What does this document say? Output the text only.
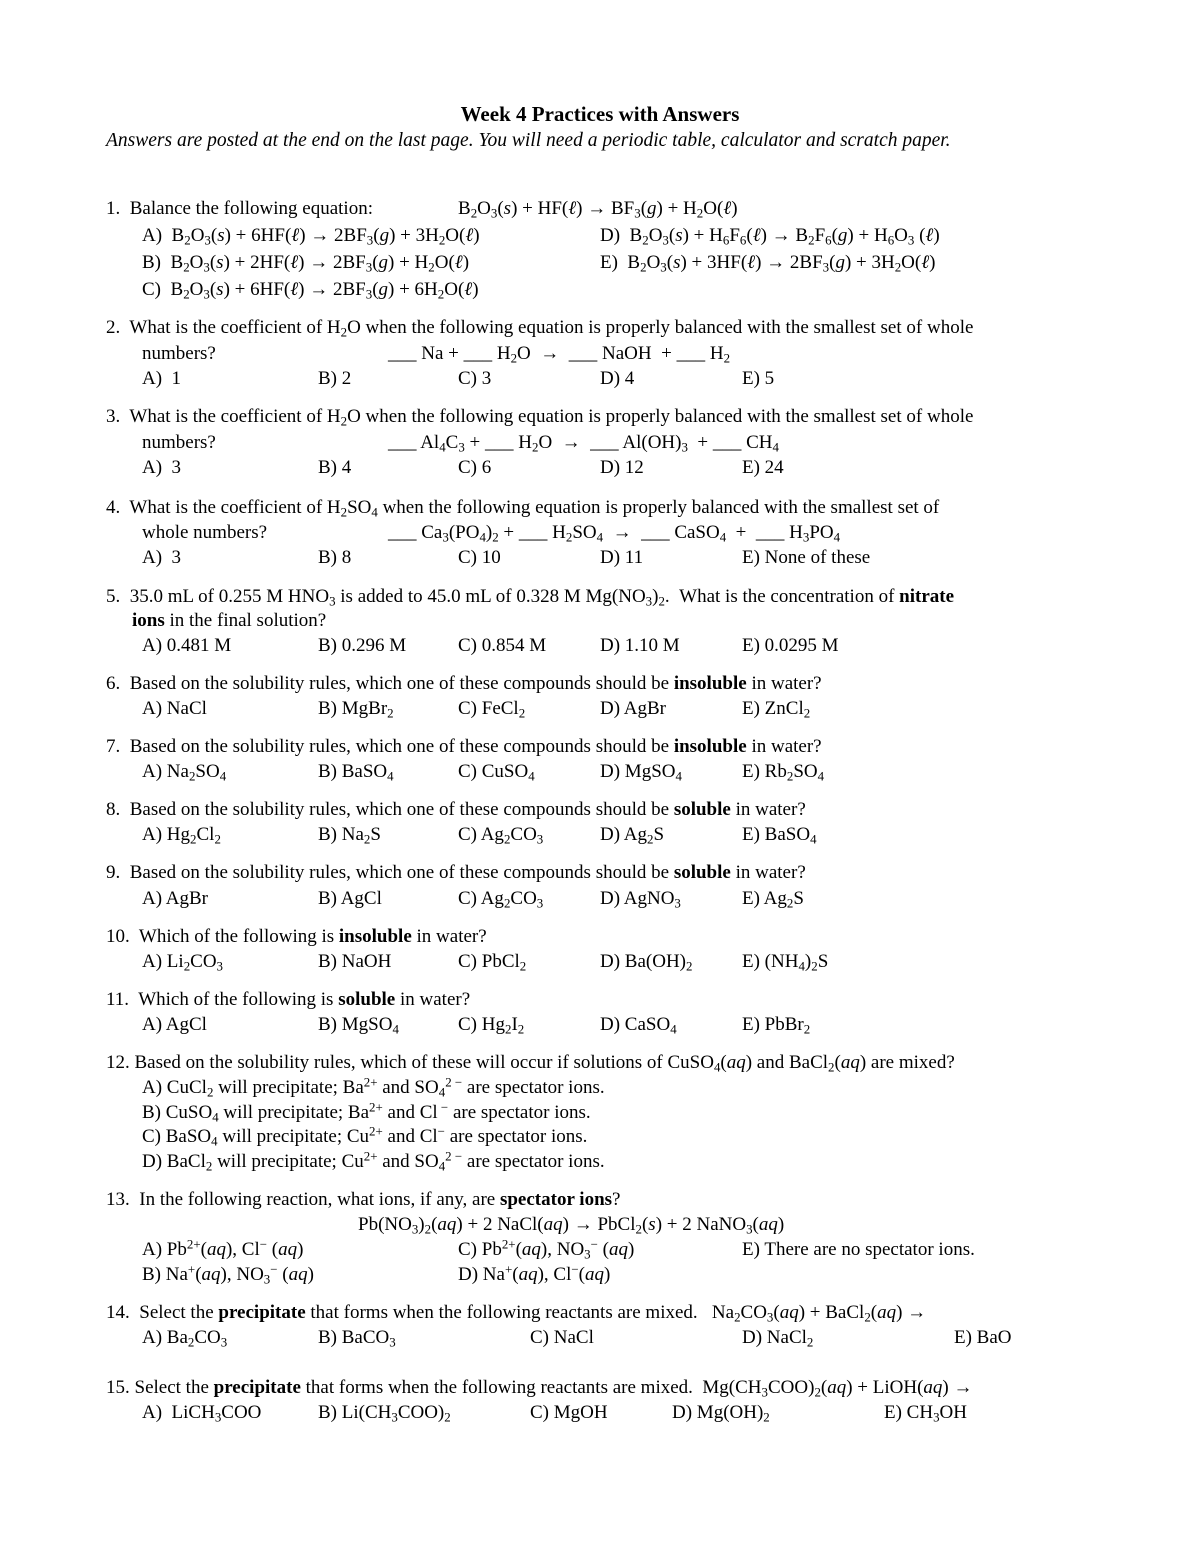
Week 4 Practices with Answers
Answers are posted at the end on the last page. You will need a periodic table, calculator and scratch paper.
1.  Balance the following equation:	$B_2O_3(s)$ + HF(ℓ) → $BF_3(g)$ + $H_2O(\ell)$
A)  $B_2O_3(s)$ + 6HF(ℓ) → $2BF_3(g)$ + $3H_2O(\ell)$	D)  $B_2O_3(s)$ + $H_6F_6(\ell) \to B_2F_6(g) + H_6O_3$ (ℓ)
B)  $B_2O_3(s)$ + 2HF(ℓ) → $2BF_3(g)$ + $H_2O(\ell)$	E)  $B_2O_3(s)$ + 3HF(ℓ) → $2BF_3(g)$ + $3H_2O(\ell)$
C)  $B_2O_3(s)$ + 6HF(ℓ) → $2BF_3(g)$ + $6H_2O(\ell)$
2.  What is the coefficient of $H_2O$ when the following equation is properly balanced with the smallest set of whole
numbers?	___ Na + ___ $H_2O$  →  ___ NaOH  + ___ $H_2$
A)  1	B) 2	C) 3	D) 4	E) 5
3.  What is the coefficient of $H_2O$ when the following equation is properly balanced with the smallest set of whole
numbers?	___ $Al_4C_3$ + ___ $H_2O$  →  ___ $Al(OH)_3$  + ___ $CH_4$
A)  3	B) 4	C) 6	D) 12	E) 24
4.  What is the coefficient of $H_2SO_4$ when the following equation is properly balanced with the smallest set of
whole numbers?	___ $Ca_3(PO_4)_2$ + ___ $H_2SO_4$  →  ___ CaSO$_4$  +  ___ $H_3PO_4$
A)  3	B) 8	C) 10	D) 11	E) None of these
5.  35.0 mL of 0.255 M $HNO_3$ is added to 45.0 mL of 0.328 M $Mg(NO_3)_2$.  What is the concentration of nitrate
ions in the final solution?
A) 0.481 M	B) 0.296 M	C) 0.854 M	D) 1.10 M	E) 0.0295 M
6.  Based on the solubility rules, which one of these compounds should be insoluble in water?
A) NaCl	B) MgBr$_2$	C) FeCl$_2$	D) AgBr	E) ZnCl$_2$
7.  Based on the solubility rules, which one of these compounds should be insoluble in water?
A) $Na_2SO_4$	B) BaSO$_4$	C) CuSO$_4$	D) MgSO$_4$	E) $Rb_2SO_4$
8.  Based on the solubility rules, which one of these compounds should be soluble in water?
A) $Hg_2Cl_2$	B) $Na_2S$	C) $Ag_2CO_3$	D) $Ag_2S$	E) BaSO$_4$
9.  Based on the solubility rules, which one of these compounds should be soluble in water?
A) AgBr	B) AgCl	C) $Ag_2CO_3$	D) AgNO$_3$	E) $Ag_2S$
10.  Which of the following is insoluble in water?
A) $Li_2CO_3$	B) NaOH	C) PbCl$_2$	D) $Ba(OH)_2$	E) $(NH_4)_2S$
11.  Which of the following is soluble in water?
A) AgCl	B) MgSO$_4$	C) $Hg_2I_2$	D) CaSO$_4$	E) PbBr$_2$
12. Based on the solubility rules, which of these will occur if solutions of CuSO$_4$(aq) and BaCl$_2$(aq) are mixed?
A) CuCl$_2$ will precipitate; $Ba^{2+}$ and $SO_4^{2 -}$ are spectator ions.
B) CuSO$_4$ will precipitate; $Ba^{2+}$ and Cl − are spectator ions.
C) BaSO$_4$ will precipitate; $Cu^{2+}$ and Cl− are spectator ions.
D) BaCl$_2$ will precipitate; $Cu^{2+}$ and $SO_4^{2 -}$ are spectator ions.
13.  In the following reaction, what ions, if any, are spectator ions?
$Pb(NO_3)_2(aq) + 2$ NaCl(aq) → PbCl$_2$(s) + 2 NaNO$_3$(aq)
A) $Pb^{2+}(aq)$, Cl− (aq)	C) $Pb^{2+}(aq)$, $NO_3^-$ (aq)	E) There are no spectator ions.
B) Na+(aq), $NO_3^-$ (aq)	D) Na+(aq), Cl−(aq)
14.  Select the precipitate that forms when the following reactants are mixed.   $Na_2CO_3(aq)$ + BaCl$_2$(aq) →
A) $Ba_2CO_3$	B) BaCO$_3$	C) NaCl	D) NaCl$_2$	E) BaO
15. Select the precipitate that forms when the following reactants are mixed.  $Mg(CH_3COO)_2(aq)$ + LiOH(aq) →
A)  LiCH$_3$COO	B) $Li(CH_3COO)_2$	C) MgOH	D) $Mg(OH)_2$	E) $CH_3OH$
